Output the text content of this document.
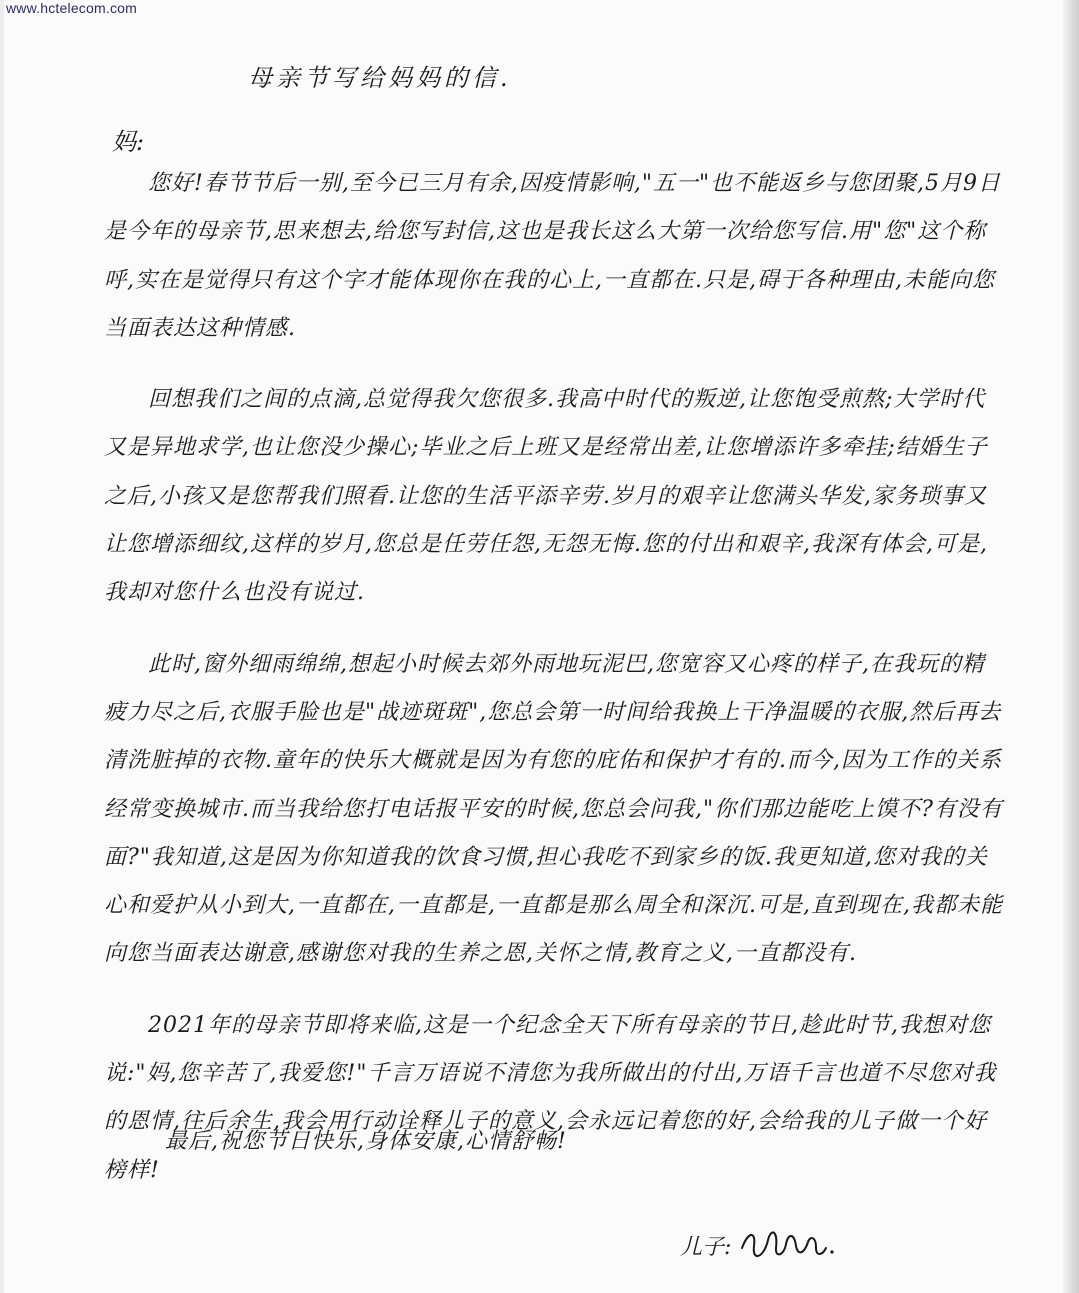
www.hctelecom.com
母亲节写给妈妈的信.
妈:

您好!春节节后一别,至今已三月有余,因疫情影响,"五一"也不能返乡与您团聚,5月9日是今年的母亲节,思来想去,给您写封信,这也是我长这么大第一次给您写信.用"您"这个称呼,实在是觉得只有这个字才能体现你在我的心上,一直都在.只是,碍于各种理由,未能向您当面表达这种情感.

回想我们之间的点滴,总觉得我欠您很多.我高中时代的叛逆,让您饱受煎熬;大学时代又是异地求学,也让您没少操心;毕业之后上班又是经常出差,让您增添许多牵挂;结婚生子之后,小孩又是您帮我们照看.让您的生活平添辛劳.岁月的艰辛让您满头华发,家务琐事又让您增添细纹,这样的岁月,您总是任劳任怨,无怨无悔.您的付出和艰辛,我深有体会,可是,我却对您什么也没有说过.

此时,窗外细雨绵绵,想起小时候去郊外雨地玩泥巴,您宽容又心疼的样子,在我玩的精疲力尽之后,衣服手脸也是"战迹斑斑",您总会第一时间给我换上干净温暖的衣服,然后再去清洗脏掉的衣物.童年的快乐大概就是因为有您的庇佑和保护才有的.而今,因为工作的关系经常变换城市.而当我给您打电话报平安的时候,您总会问我,"你们那边能吃上馍不?有没有面?"我知道,这是因为你知道我的饮食习惯,担心我吃不到家乡的饭.我更知道,您对我的关心和爱护从小到大,一直都在,一直都是,一直都是那么周全和深沉.可是,直到现在,我都未能向您当面表达谢意,感谢您对我的生养之恩,关怀之情,教育之义,一直都没有.

2021年的母亲节即将来临,这是一个纪念全天下所有母亲的节日,趁此时节,我想对您说:"妈,您辛苦了,我爱您!"千言万语说不清您为我所做出的付出,万语千言也道不尽您对我的恩情,往后余生,我会用行动诠释儿子的意义,会永远记着您的好,会给我的儿子做一个好榜样!

最后,祝您节日快乐,身体安康,心情舒畅!
儿子:
